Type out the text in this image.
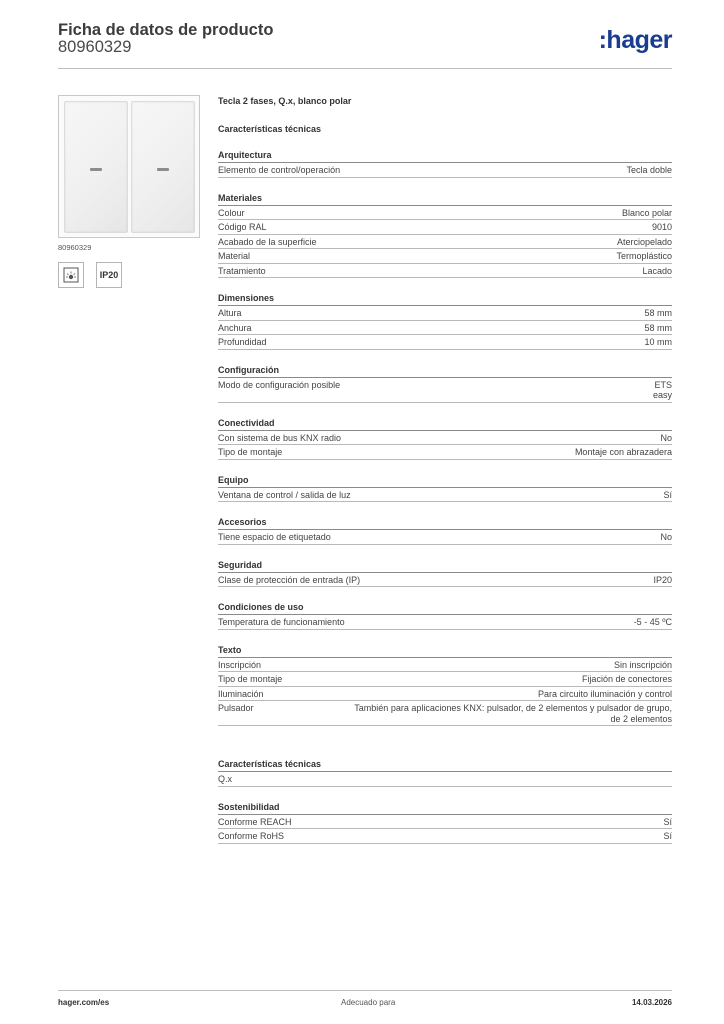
Ficha de datos de producto
80960329	:hager
80960329
IP20
Tecla 2 fases, Q.x, blanco polar
Características técnicas
Arquitectura
Elemento de control/operación	Tecla doble
Materiales
Colour	Blanco polar
Código RAL	9010
Acabado de la superficie	Aterciopelado
Material	Termoplástico
Tratamiento	Lacado
Dimensiones
Altura	58 mm
Anchura	58 mm
Profundidad	10 mm
Configuración
Modo de configuración posible	ETS
easy
Conectividad
Con sistema de bus KNX radio	No
Tipo de montaje	Montaje con abrazadera
Equipo
Ventana de control / salida de luz	Sí
Accesorios
Tiene espacio de etiquetado	No
Seguridad
Clase de protección de entrada (IP)	IP20
Condiciones de uso
Temperatura de funcionamiento	-5 - 45 ºC
Texto
Inscripción	Sin inscripción
Tipo de montaje	Fijación de conectores
Iluminación	Para circuito iluminación y control
Pulsador	También para aplicaciones KNX: pulsador, de 2 elementos y pulsador de grupo, de 2 elementos
Características técnicas
Q.x
Sostenibilidad
Conforme REACH	Sí
Conforme RoHS	Sí
hager.com/es	Adecuado para	14.03.2026
